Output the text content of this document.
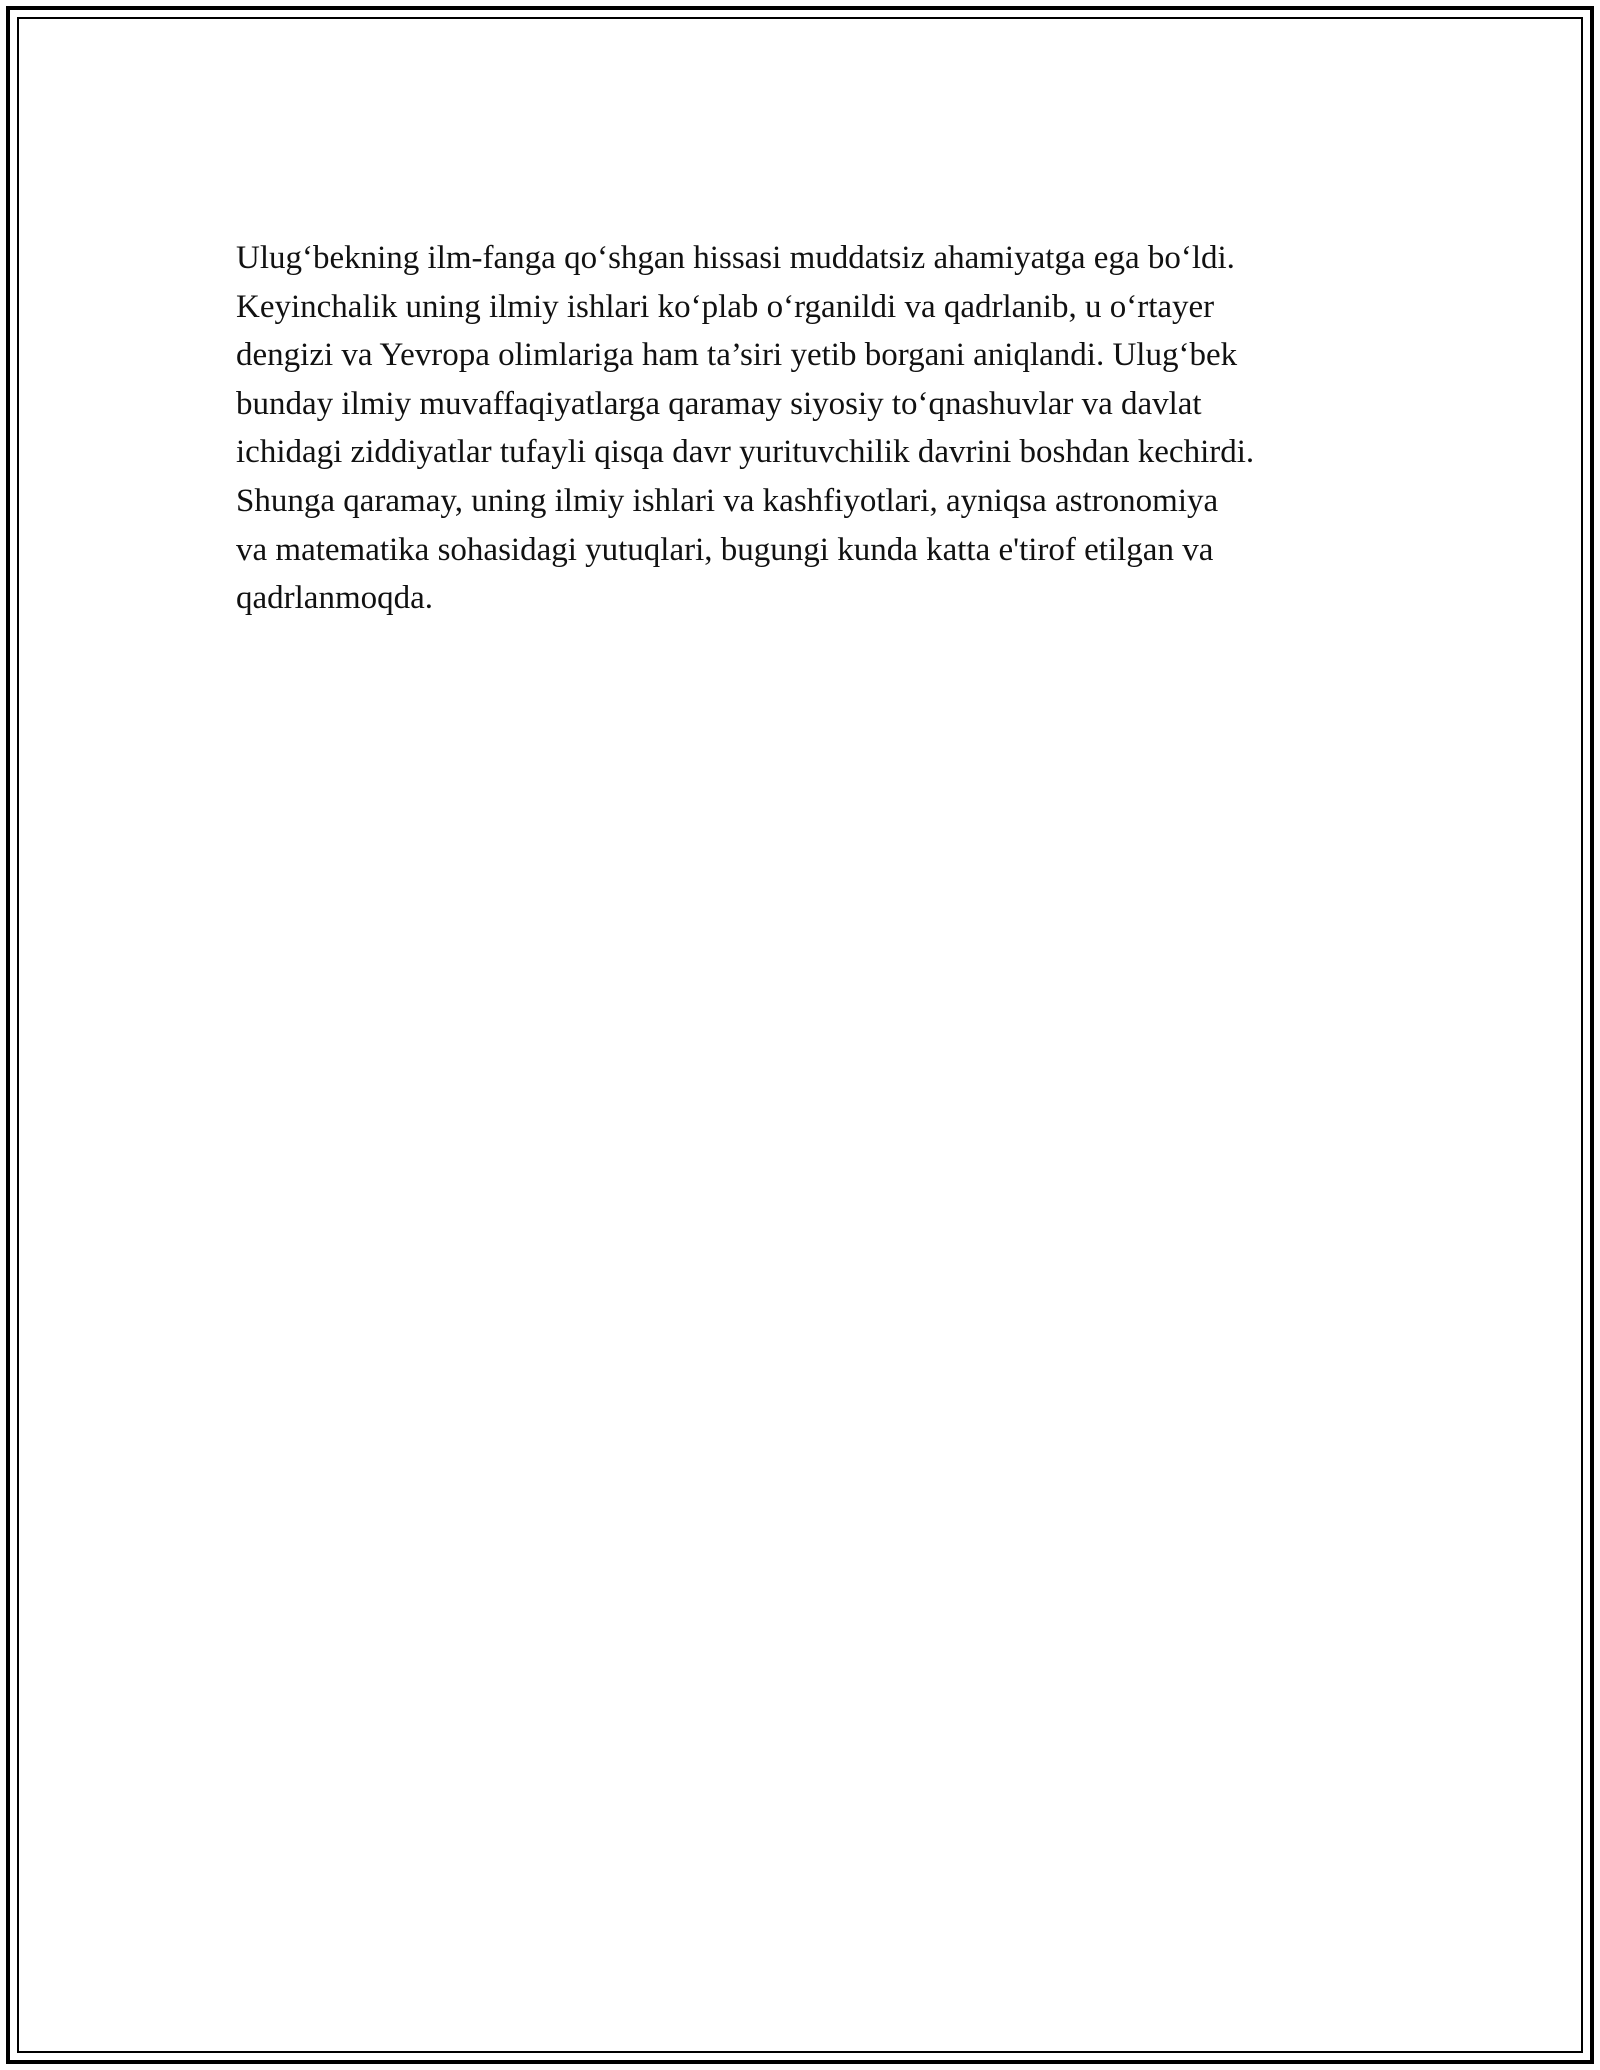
Ulug‘bekning ilm-fanga qo‘shgan hissasi muddatsiz ahamiyatga ega bo‘ldi.
Keyinchalik uning ilmiy ishlari ko‘plab o‘rganildi va qadrlanib, u o‘rtayer
dengizi va Yevropa olimlariga ham ta’siri yetib borgani aniqlandi. Ulug‘bek
bunday ilmiy muvaffaqiyatlarga qaramay siyosiy to‘qnashuvlar va davlat
ichidagi ziddiyatlar tufayli qisqa davr yurituvchilik davrini boshdan kechirdi.
Shunga qaramay, uning ilmiy ishlari va kashfiyotlari, ayniqsa astronomiya
va matematika sohasidagi yutuqlari, bugungi kunda katta e'tirof etilgan va
qadrlanmoqda.
